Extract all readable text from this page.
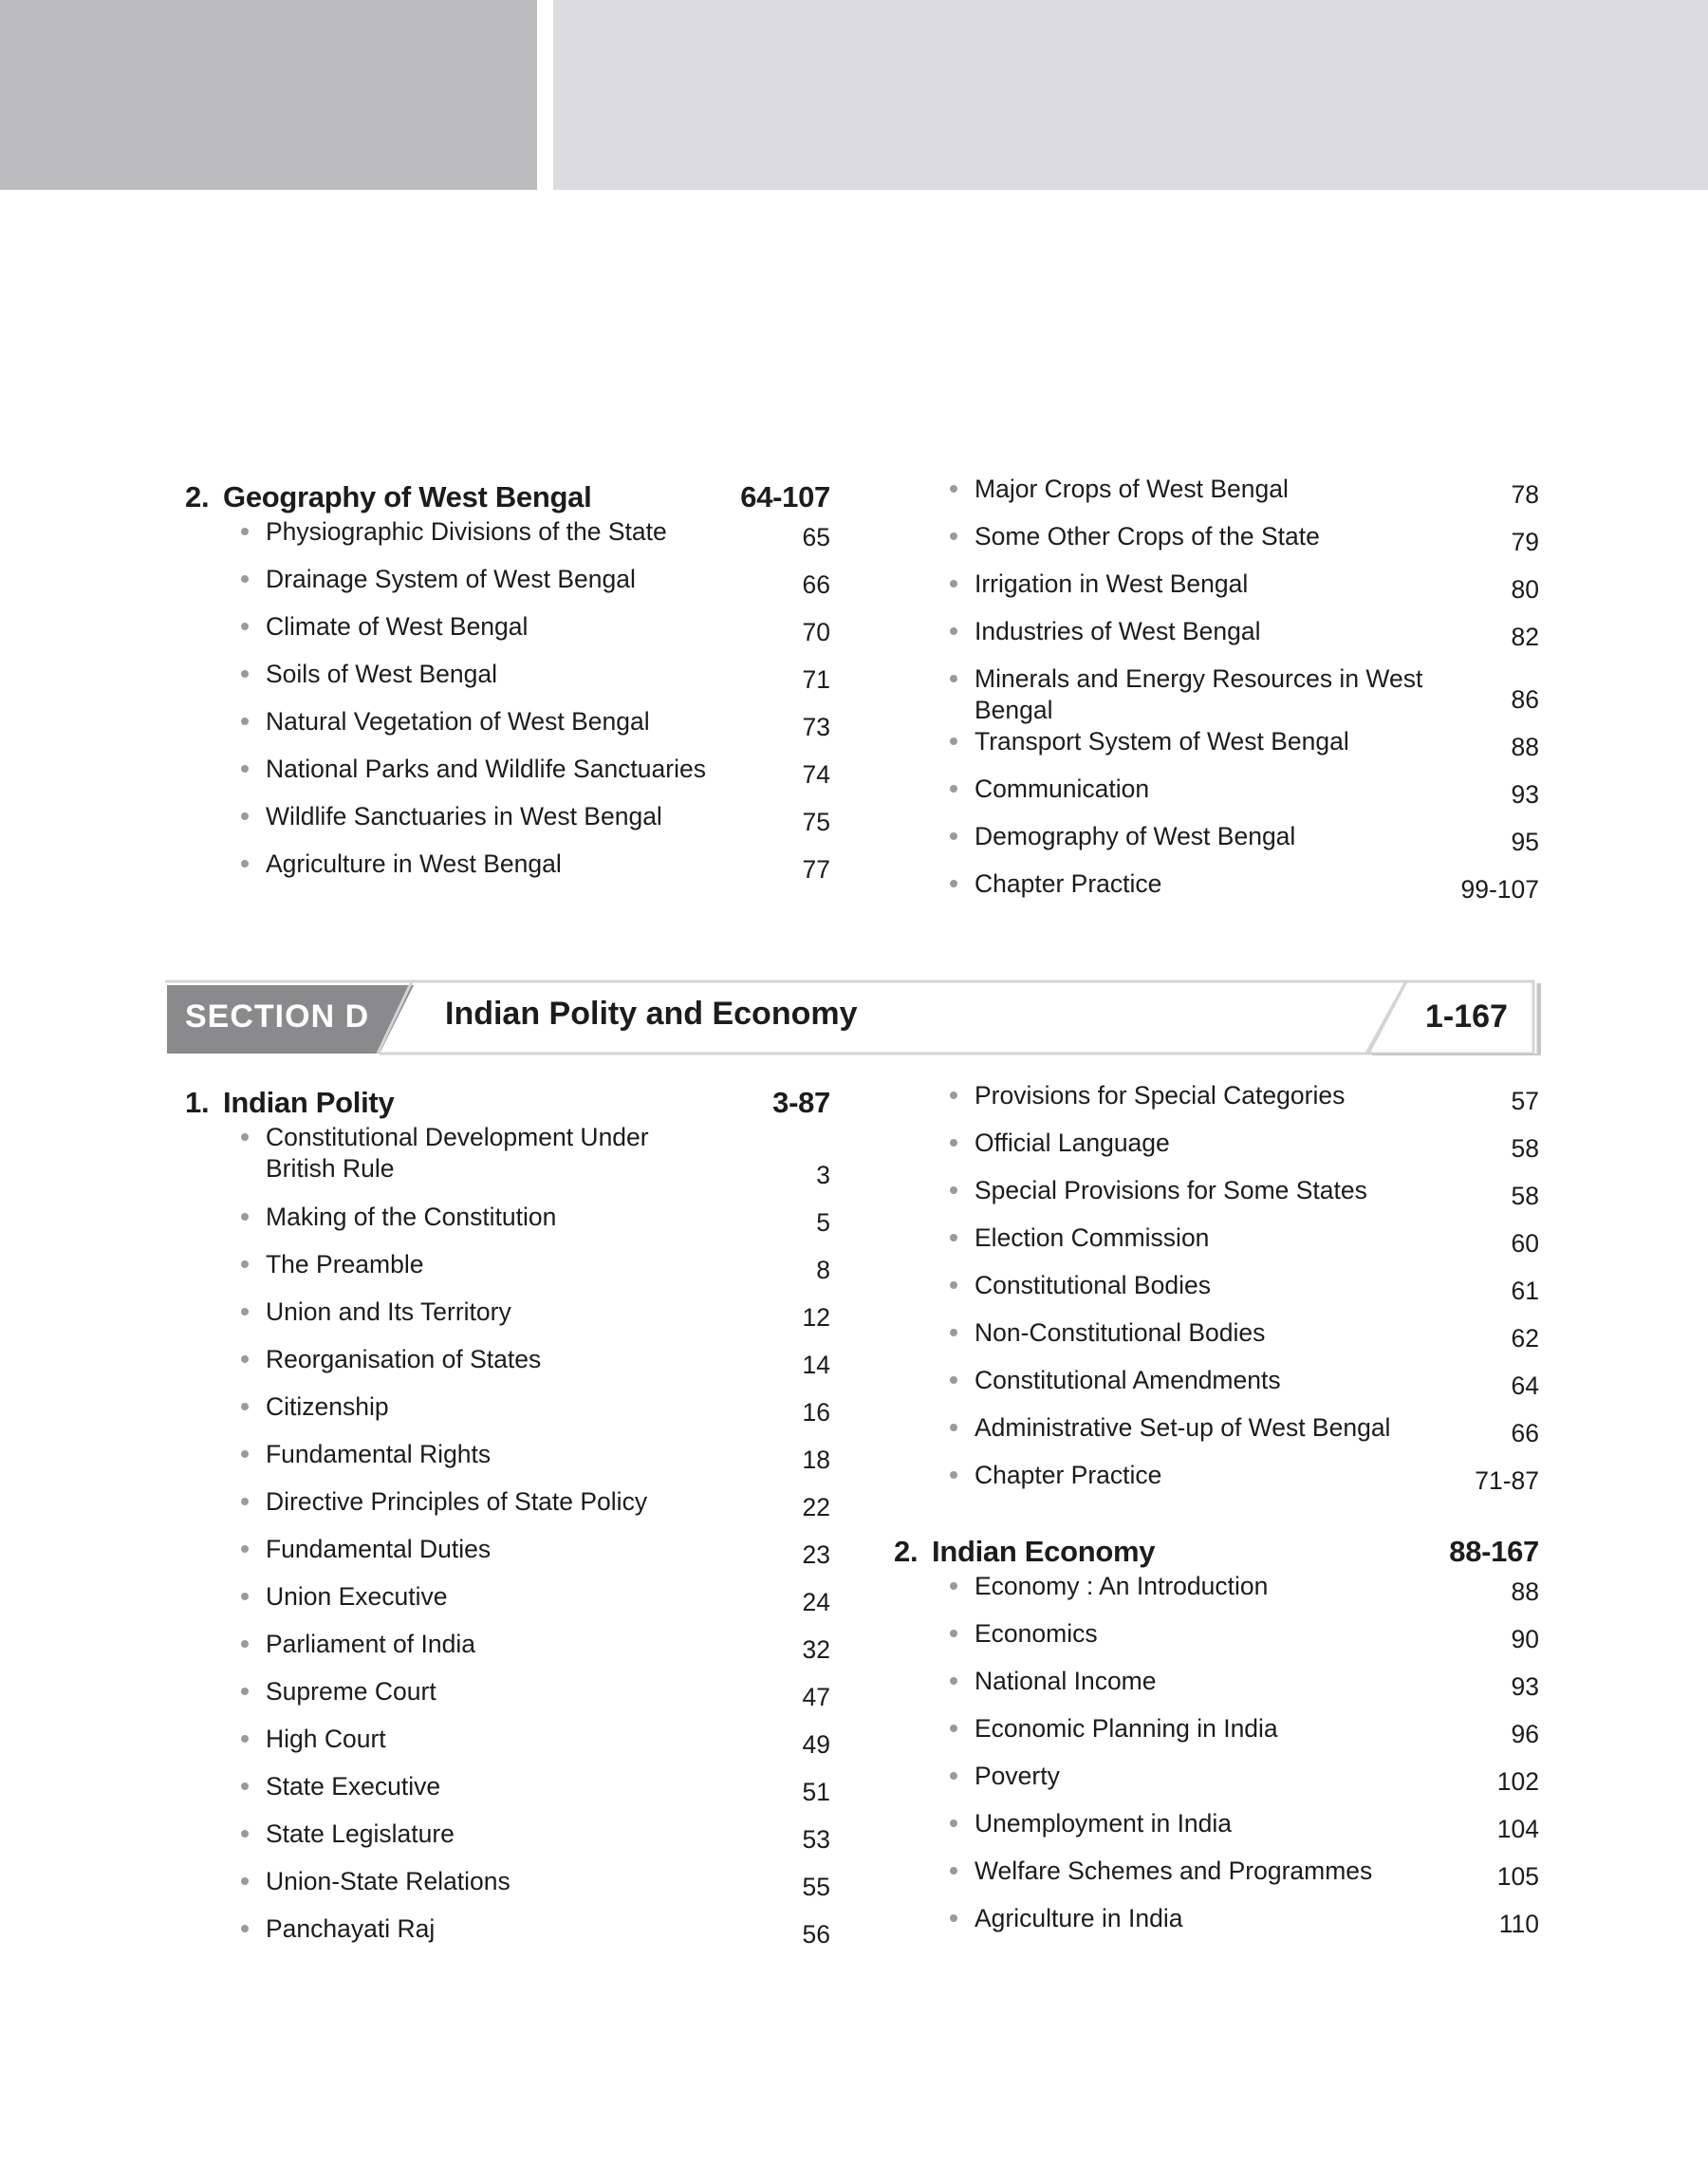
2. Geography of West Bengal	64-107
Physiographic Divisions of the State	65
Drainage System of West Bengal	66
Climate of West Bengal	70
Soils of West Bengal	71
Natural Vegetation of West Bengal	73
National Parks and Wildlife Sanctuaries	74
Wildlife Sanctuaries in West Bengal	75
Agriculture in West Bengal	77
Major Crops of West Bengal	78
Some Other Crops of the State	79
Irrigation in West Bengal	80
Industries of West Bengal	82
Minerals and Energy Resources in West Bengal	86
Transport System of West Bengal	88
Communication	93
Demography of West Bengal	95
Chapter Practice	99-107
SECTION D Indian Polity and Economy	1-167
1. Indian Polity	3-87
Constitutional Development Under British Rule	3
Making of the Constitution	5
The Preamble	8
Union and Its Territory	12
Reorganisation of States	14
Citizenship	16
Fundamental Rights	18
Directive Principles of State Policy	22
Fundamental Duties	23
Union Executive	24
Parliament of India	32
Supreme Court	47
High Court	49
State Executive	51
State Legislature	53
Union-State Relations	55
Panchayati Raj	56
Provisions for Special Categories	57
Official Language	58
Special Provisions for Some States	58
Election Commission	60
Constitutional Bodies	61
Non-Constitutional Bodies	62
Constitutional Amendments	64
Administrative Set-up of West Bengal	66
Chapter Practice	71-87
2. Indian Economy	88-167
Economy : An Introduction	88
Economics	90
National Income	93
Economic Planning in India	96
Poverty	102
Unemployment in India	104
Welfare Schemes and Programmes	105
Agriculture in India	110
